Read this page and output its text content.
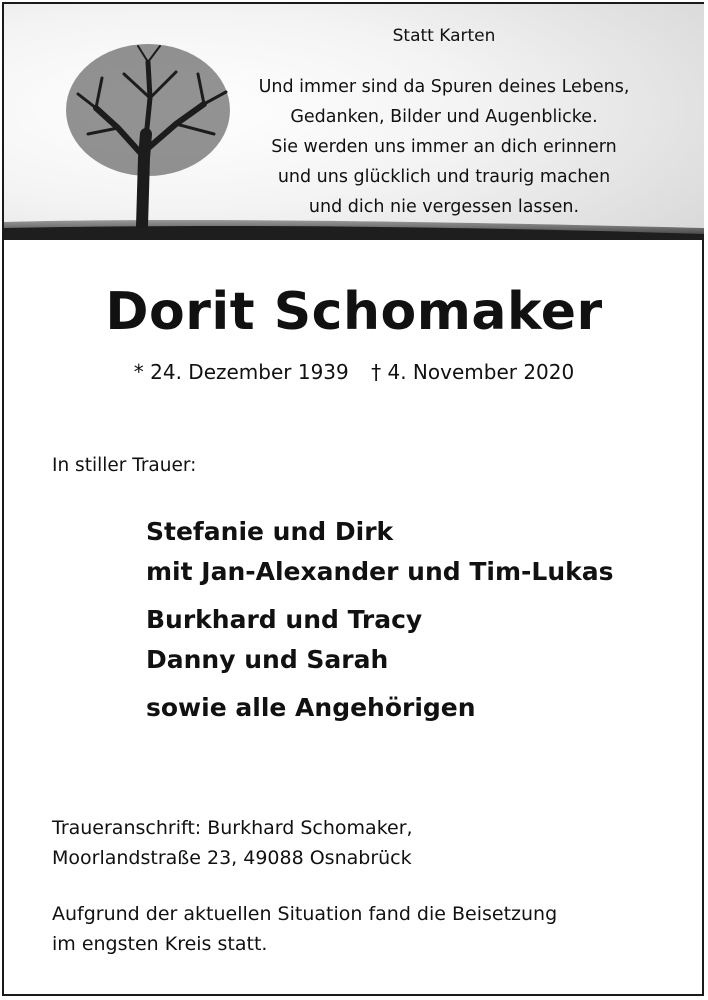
Statt Karten
Und immer sind da Spuren deines Lebens,
Gedanken, Bilder und Augenblicke.
Sie werden uns immer an dich erinnern
und uns glücklich und traurig machen
und dich nie vergessen lassen.
Dorit Schomaker
* 24. Dezember 1939 † 4. November 2020
In stiller Trauer:
Stefanie und Dirk
mit Jan-Alexander und Tim-Lukas
Burkhard und Tracy
Danny und Sarah
sowie alle Angehörigen
Traueranschrift: Burkhard Schomaker,
Moorlandstraße 23, 49088 Osnabrück
Aufgrund der aktuellen Situation fand die Beisetzung
im engsten Kreis statt.
